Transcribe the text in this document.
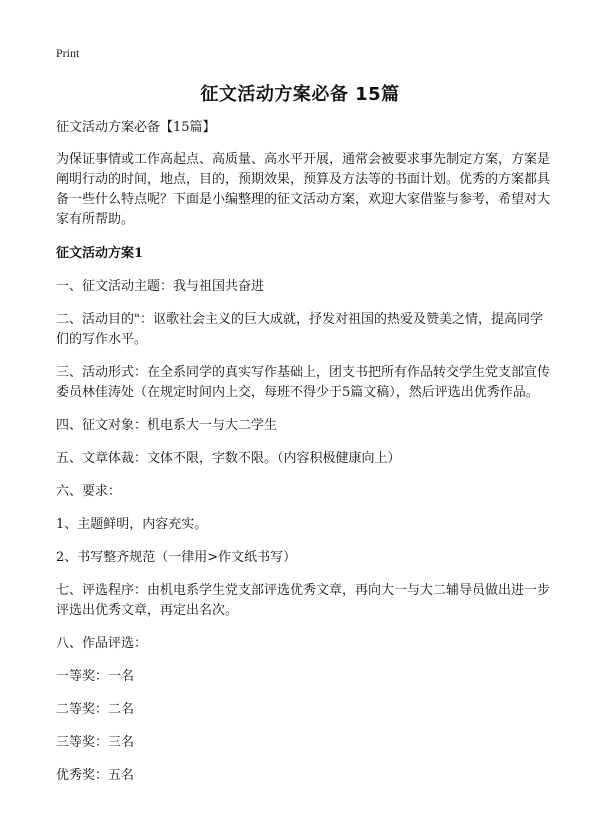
Print
征文活动方案必备 15篇

征文活动方案必备【15篇】

为保证事情或工作高起点、高质量、高水平开展，通常会被要求事先制定方案，方案是阐明行动的时间，地点，目的，预期效果，预算及方法等的书面计划。优秀的方案都具备一些什么特点呢？下面是小编整理的征文活动方案，欢迎大家借鉴与参考，希望对大家有所帮助。

征文活动方案1

一、征文活动主题：我与祖国共奋进

二、活动目的"：讴歌社会主义的巨大成就，抒发对祖国的热爱及赞美之情，提高同学们的写作水平。

三、活动形式：在全系同学的真实写作基础上，团支书把所有作品转交学生党支部宣传委员林佳涛处（在规定时间内上交，每班不得少于5篇文稿），然后评选出优秀作品。

四、征文对象：机电系大一与大二学生

五、文章体裁：文体不限，字数不限。（内容积极健康向上）

六、要求：

1、主题鲜明，内容充实。

2、书写整齐规范（一律用>作文纸书写）

七、评选程序：由机电系学生党支部评选优秀文章，再向大一与大二辅导员做出进一步评选出优秀文章，再定出名次。

八、作品评选：

一等奖：一名

二等奖：二名

三等奖：三名

优秀奖：五名
